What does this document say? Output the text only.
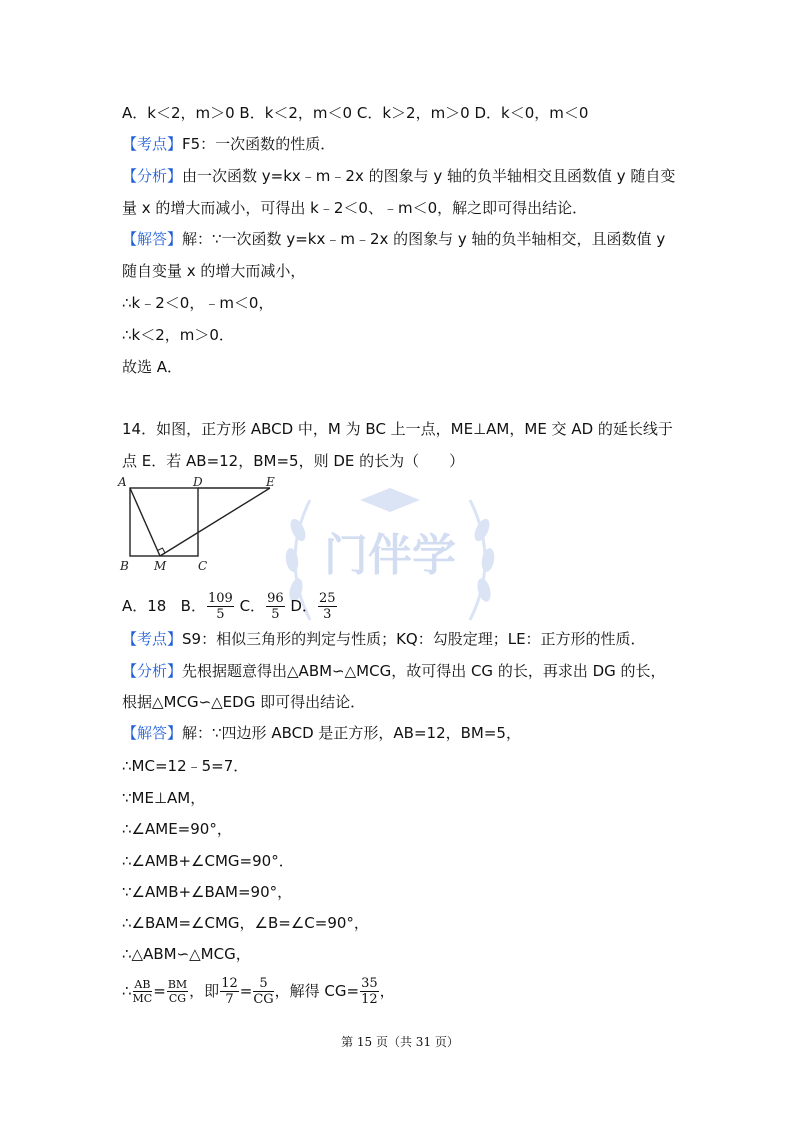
门伴学
A．k＜2，m＞0 B．k＜2，m＜0 C．k＞2，m＞0 D．k＜0，m＜0
【考点】F5：一次函数的性质．
【分析】由一次函数 y=kx﹣m﹣2x 的图象与 y 轴的负半轴相交且函数值 y 随自变
量 x 的增大而减小，可得出 k﹣2＜0、﹣m＜0，解之即可得出结论．
【解答】解：∵一次函数 y=kx﹣m﹣2x 的图象与 y 轴的负半轴相交，且函数值 y
随自变量 x 的增大而减小，
∴k﹣2＜0，﹣m＜0，
∴k＜2，m＞0．
故选 A．
14．如图，正方形 ABCD 中，M 为 BC 上一点，ME⊥AM，ME 交 AD 的延长线于
点 E．若 AB=12，BM=5，则 DE 的长为（　　）
A	D	E
B M	C
A．18 B． $\frac{109}{5}$ C． $\frac{96}{5}$ D． $\frac{25}{3}$
【考点】S9：相似三角形的判定与性质；KQ：勾股定理；LE：正方形的性质．
【分析】先根据题意得出△ABM∽△MCG，故可得出 CG 的长，再求出 DG 的长，
根据△MCG∽△EDG 即可得出结论．
【解答】解：∵四边形 ABCD 是正方形，AB=12，BM=5，
∴MC=12﹣5=7．
∵ME⊥AM，
∴∠AME=90°，
∴∠AMB+∠CMG=90°．
∵∠AMB+∠BAM=90°，
∴∠BAM=∠CMG，∠B=∠C=90°，
∴△ABM∽△MCG，
∴ $\frac{AB}{MC} = \frac{BM}{CG}$ ，即 $\frac{12}{7} = \frac{5}{CG}$ ，解得 $CG= \frac{35}{12}$ ，
第 15 页（共 31 页）
